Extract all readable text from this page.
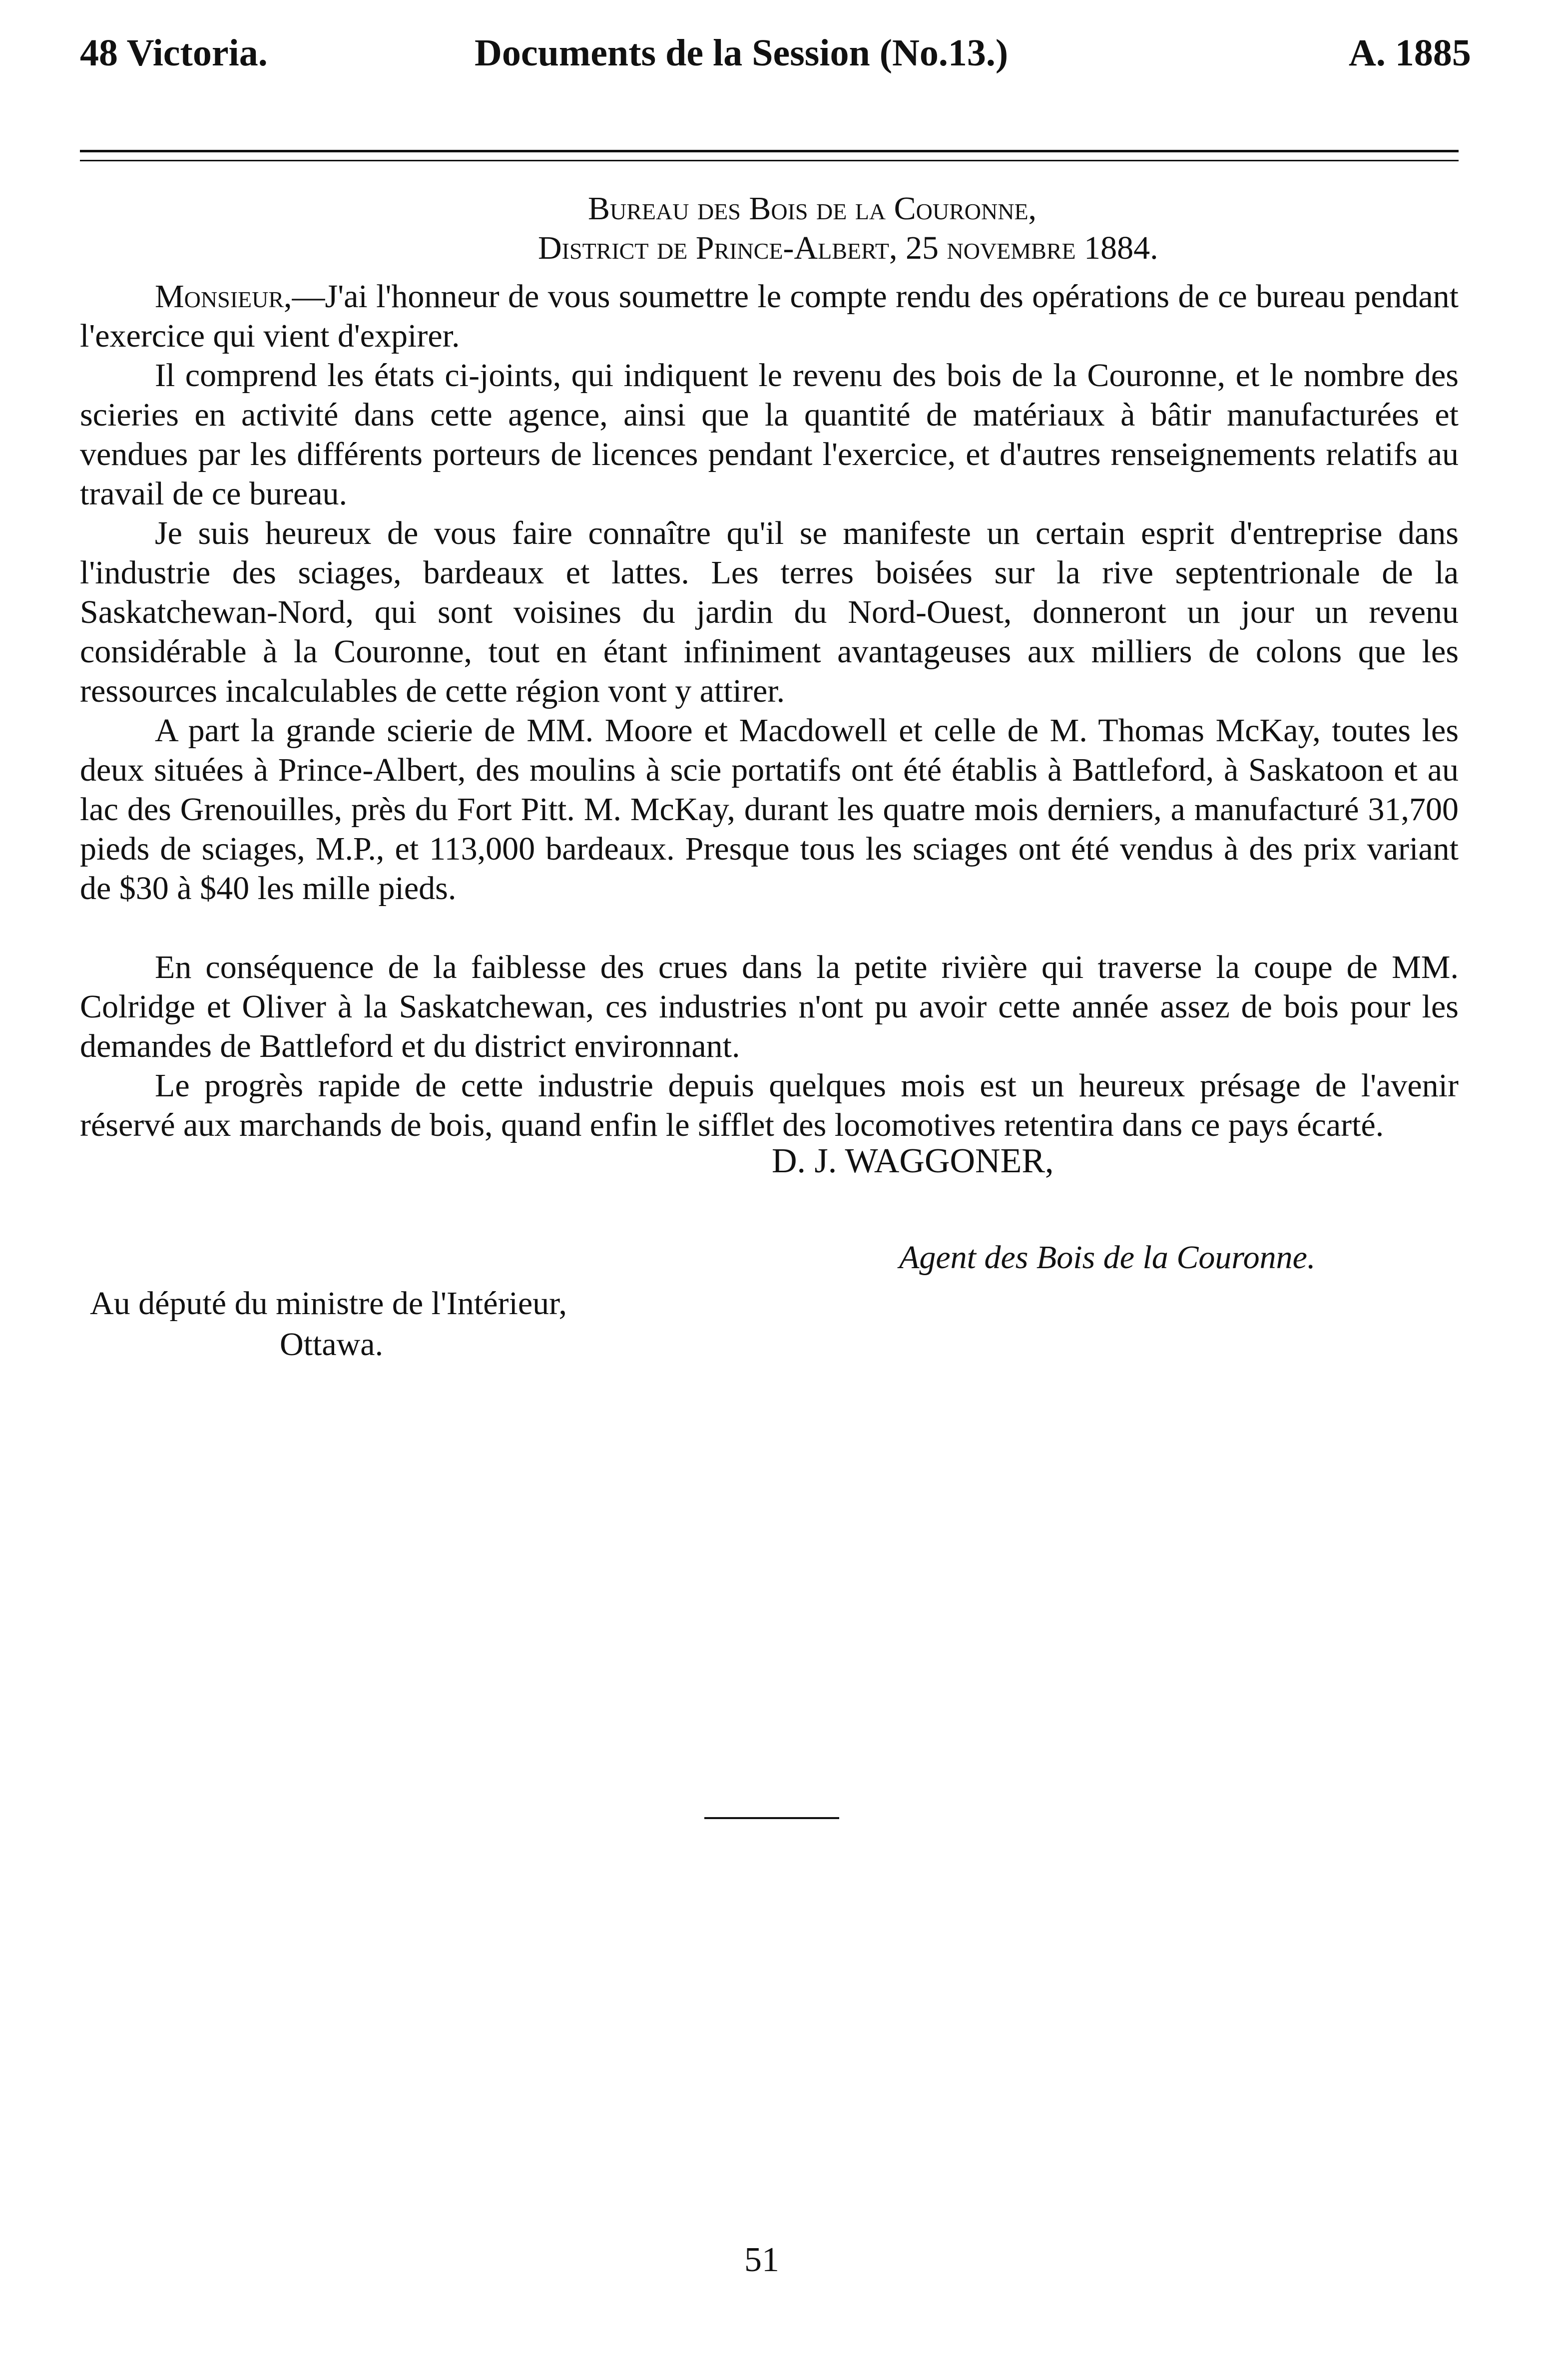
48 Victoria.	Documents de la Session (No.13.)	A. 1885
Bureau des Bois de la Couronne,
District de Prince-Albert, 25 novembre 1884.

Monsieur,—J'ai l'honneur de vous soumettre le compte rendu des opérations de ce bureau pendant l'exercice qui vient d'expirer.

Il comprend les états ci-joints, qui indiquent le revenu des bois de la Couronne, et le nombre des scieries en activité dans cette agence, ainsi que la quantité de matériaux à bâtir manufacturées et vendues par les différents porteurs de licences pendant l'exercice, et d'autres renseignements relatifs au travail de ce bureau.

Je suis heureux de vous faire connaître qu'il se manifeste un certain esprit d'entreprise dans l'industrie des sciages, bardeaux et lattes. Les terres boisées sur la rive septentrionale de la Saskatchewan-Nord, qui sont voisines du jardin du Nord-Ouest, donneront un jour un revenu considérable à la Couronne, tout en étant infiniment avantageuses aux milliers de colons que les ressources incalculables de cette région vont y attirer.

A part la grande scierie de MM. Moore et Macdowell et celle de M. Thomas McKay, toutes les deux situées à Prince-Albert, des moulins à scie portatifs ont été établis à Battleford, à Saskatoon et au lac des Grenouilles, près du Fort Pitt. M. McKay, durant les quatre mois derniers, a manufacturé 31,700 pieds de sciages, M.P., et 113,000 bardeaux. Presque tous les sciages ont été vendus à des prix variant de $30 à $40 les mille pieds.

En conséquence de la faiblesse des crues dans la petite rivière qui traverse la coupe de MM. Colridge et Oliver à la Saskatchewan, ces industries n'ont pu avoir cette année assez de bois pour les demandes de Battleford et du district environnant.

Le progrès rapide de cette industrie depuis quelques mois est un heureux présage de l'avenir réservé aux marchands de bois, quand enfin le sifflet des locomotives retentira dans ce pays écarté.

D. J. WAGGONER,
Agent des Bois de la Couronne.
Au député du ministre de l'Intérieur,
Ottawa.
51
